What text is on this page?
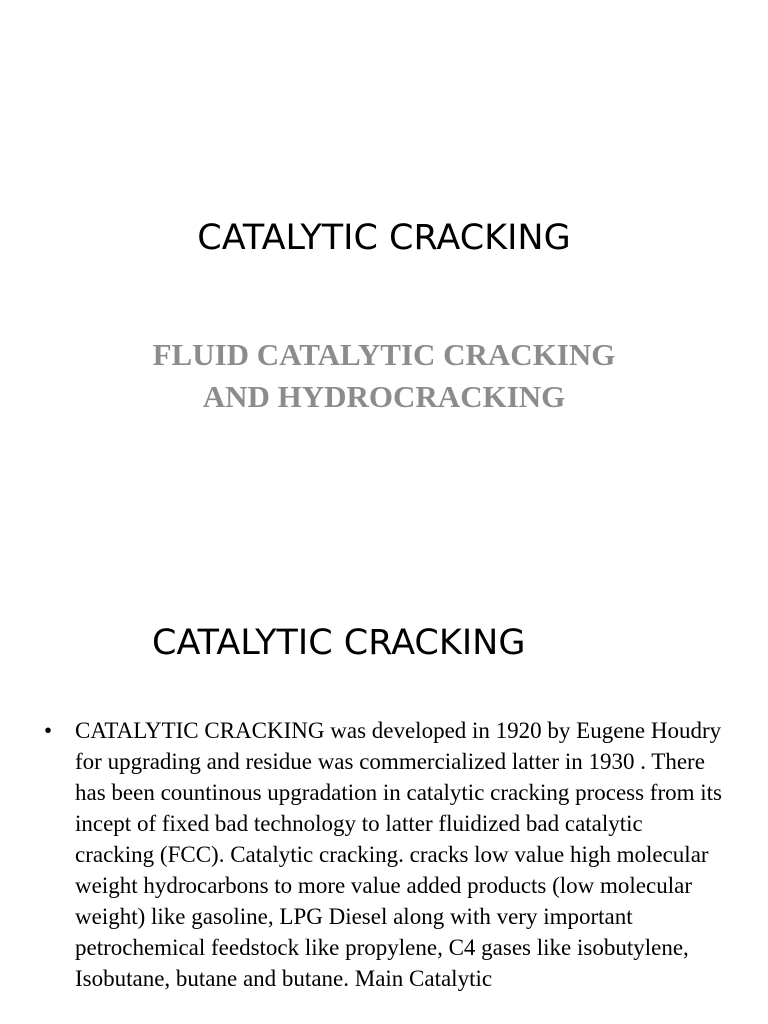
CATALYTIC CRACKING
FLUID CATALYTIC CRACKING
AND HYDROCRACKING
CATALYTIC CRACKING
• CATALYTIC CRACKING was developed in 1920 by Eugene Houdry for upgrading and residue was commercialized latter in 1930 . There has been countinous upgradation in catalytic cracking process from its incept of fixed bad technology to latter fluidized bad catalytic cracking (FCC). Catalytic cracking. cracks low value high molecular weight hydrocarbons to more value added products (low molecular weight) like gasoline, LPG Diesel along with very important petrochemical feedstock like propylene, C4 gases like isobutylene, Isobutane, butane and butane. Main Catalytic
